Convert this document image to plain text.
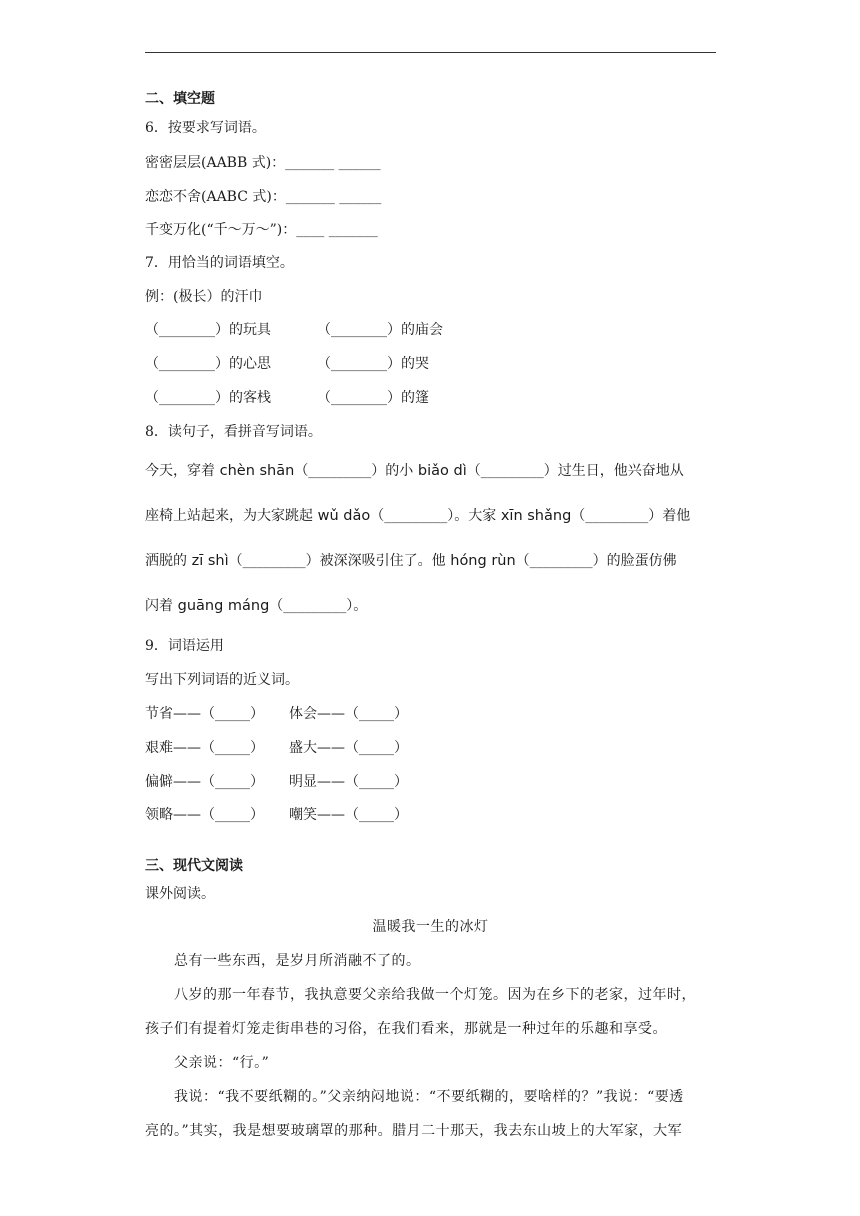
二、填空题
6．按要求写词语。
密密层层(AABB 式)：_______ ______
恋恋不舍(AABC 式)：_______ ______
千变万化(“千～万～”)：____ _______
7．用恰当的词语填空。
例：(极长）的汗巾
（________）的玩具	（________）的庙会
（________）的心思	（________）的哭
（________）的客栈	（________）的篷
8．读句子，看拼音写词语。
今天，穿着 chèn shān（_________）的小 biǎo dì（_________）过生日，他兴奋地从
座椅上站起来，为大家跳起 wǔ dǎo（_________）。大家 xīn shǎng（_________）着他
洒脱的 zī shì（_________）被深深吸引住了。他 hóng rùn（_________）的脸蛋仿佛
闪着 guāng máng（_________）。
9．词语运用
写出下列词语的近义词。
节省——（_____） 体会——（_____）
艰难——（_____） 盛大——（_____）
偏僻——（_____） 明显——（_____）
领略——（_____） 嘲笑——（_____）
三、现代文阅读
课外阅读。
温暖我一生的冰灯
　　总有一些东西，是岁月所消融不了的。
　　八岁的那一年春节，我执意要父亲给我做一个灯笼。因为在乡下的老家，过年时，
孩子们有提着灯笼走街串巷的习俗，在我们看来，那就是一种过年的乐趣和享受。
　　父亲说：“行。”
　　我说：“我不要纸糊的。”父亲纳闷地说：“不要纸糊的，要啥样的？”我说：“要透
亮的。”其实，我是想要玻璃罩的那种。腊月二十那天，我去东山坡上的大军家，大军
